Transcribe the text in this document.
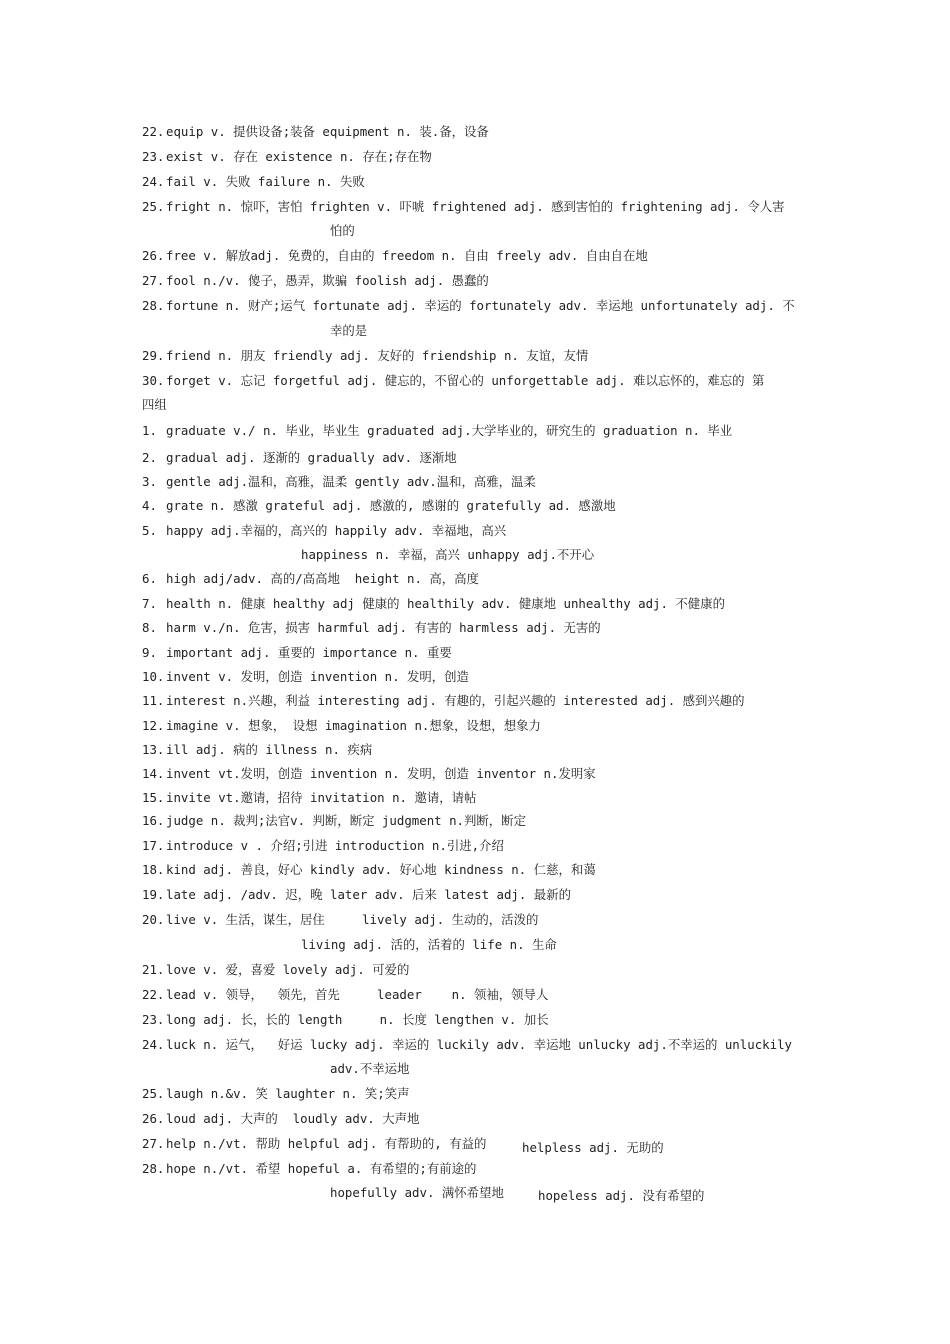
22. equip v. 提供设备;装备 equipment n. 装.备，设备
23. exist v. 存在 existence n. 存在;存在物
24. fail v. 失败 failure n. 失败
25. fright n. 惊吓，害怕 frighten v. 吓唬 frightened adj. 感到害怕的 frightening adj. 令人害
怕的
26. free v. 解放adj. 免费的，自由的 freedom n. 自由 freely adv. 自由自在地
27. fool n./v. 傻子，愚弄，欺骗 foolish adj. 愚蠢的
28. fortune n. 财产;运气 fortunate adj. 幸运的 fortunately adv. 幸运地 unfortunately adj. 不
幸的是
29. friend n. 朋友 friendly adj. 友好的 friendship n. 友谊，友情
30. forget v. 忘记 forgetful adj. 健忘的，不留心的 unforgettable adj. 难以忘怀的，难忘的 第
四组
1. graduate v./ n. 毕业，毕业生 graduated adj.大学毕业的，研究生的 graduation n. 毕业
2. gradual adj. 逐渐的 gradually adv. 逐渐地
3. gentle adj.温和，高雅，温柔 gently adv.温和，高雅，温柔
4. grate n. 感激 grateful adj. 感激的, 感谢的 gratefully ad. 感激地
5. happy adj.幸福的，高兴的 happily adv. 幸福地，高兴
happiness n. 幸福，高兴 unhappy adj.不开心
6. high adj/adv. 高的/高高地  height n. 高，高度
7. health n. 健康 healthy adj 健康的 healthily adv. 健康地 unhealthy adj. 不健康的
8. harm v./n. 危害，损害 harmful adj. 有害的 harmless adj. 无害的
9. important adj. 重要的 importance n. 重要
10. invent v. 发明，创造 invention n. 发明，创造
11. interest n.兴趣，利益 interesting adj. 有趣的，引起兴趣的 interested adj. 感到兴趣的
12. imagine v. 想象， 设想 imagination n.想象，设想，想象力
13. ill adj. 病的 illness n. 疾病
14. invent vt.发明，创造 invention n. 发明，创造 inventor n.发明家
15. invite vt.邀请，招待 invitation n. 邀请，请帖
16. judge n. 裁判;法官v. 判断，断定 judgment n.判断，断定
17. introduce v . 介绍;引进 introduction n.引进,介绍
18. kind adj. 善良，好心 kindly adv. 好心地 kindness n. 仁慈，和蔼
19. late adj. /adv. 迟，晚 later adv. 后来 latest adj. 最新的
20. live v. 生活，谋生，居住     lively adj. 生动的，活泼的
living adj. 活的，活着的 life n. 生命
21. love v. 爱，喜爱 lovely adj. 可爱的
22. lead v. 领导，  领先，首先     leader    n. 领袖，领导人
23. long adj. 长，长的 length     n. 长度 lengthen v. 加长
24. luck n. 运气，  好运 lucky adj. 幸运的 luckily adv. 幸运地 unlucky adj.不幸运的 unluckily
adv.不幸运地
25. laugh n.&v. 笑 laughter n. 笑;笑声
26. loud adj. 大声的  loudly adv. 大声地
27. help n./vt. 帮助 helpful adj. 有帮助的, 有益的	helpless adj. 无助的
28. hope n./vt. 希望 hopeful a. 有希望的;有前途的
hopefully adv. 满怀希望地	hopeless adj. 没有希望的
